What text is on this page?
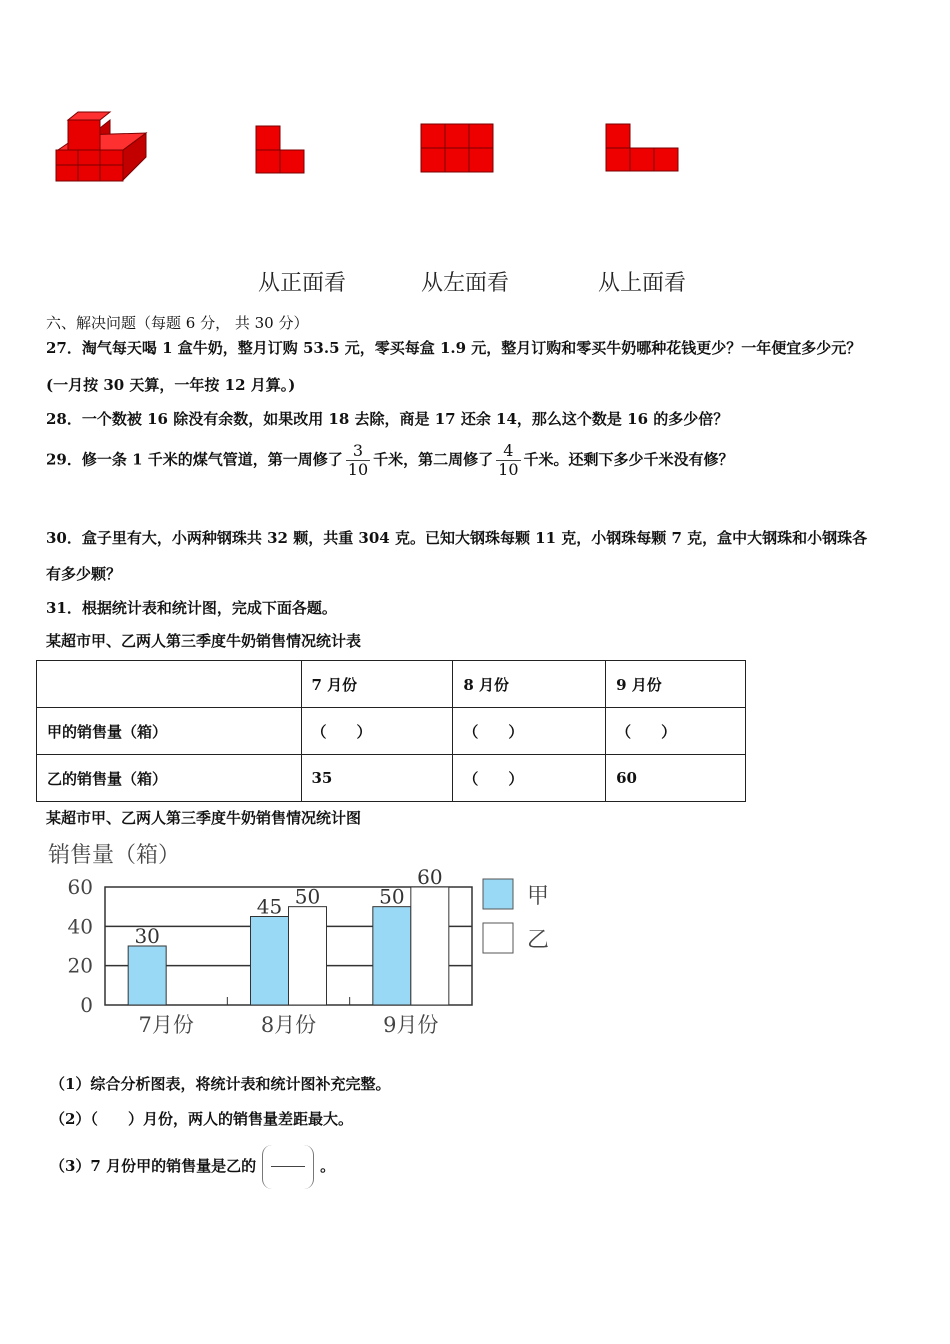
从正面看	从左面看	从上面看
六、解决问题（每题 6 分， 共 30 分）
27．淘气每天喝 1 盒牛奶，整月订购 53.5 元，零买每盒 1.9 元，整月订购和零买牛奶哪种花钱更少？一年便宜多少元？
(一月按 30 天算，一年按 12 月算。)
28．一个数被 16 除没有余数，如果改用 18 去除，商是 17 还余 14，那么这个数是 16 的多少倍？
29．修一条 1 千米的煤气管道，第一周修了 $\frac{3}{10}$ 千米，第二周修了 $\frac{4}{10}$ 千米。还剩下多少千米没有修？
30．盒子里有大，小两种钢珠共 32 颗，共重 304 克。已知大钢珠每颗 11 克，小钢珠每颗 7 克，盒中大钢珠和小钢珠各
有多少颗？
31．根据统计表和统计图，完成下面各题。
某超市甲、乙两人第三季度牛奶销售情况统计表
	7 月份	8 月份	9 月份
甲的销售量（箱）	（　　）	（　　）	（　　）
乙的销售量（箱）	35	（　　）	60
某超市甲、乙两人第三季度牛奶销售情况统计图
销售量（箱）
0
20
40
60
30
7月份
45 50
8月份
50
60
9月份
甲
乙
（1）综合分析图表，将统计表和统计图补充完整。
（2）（　　）月份，两人的销售量差距最大。
（3）7 月份甲的销售量是乙的	。
